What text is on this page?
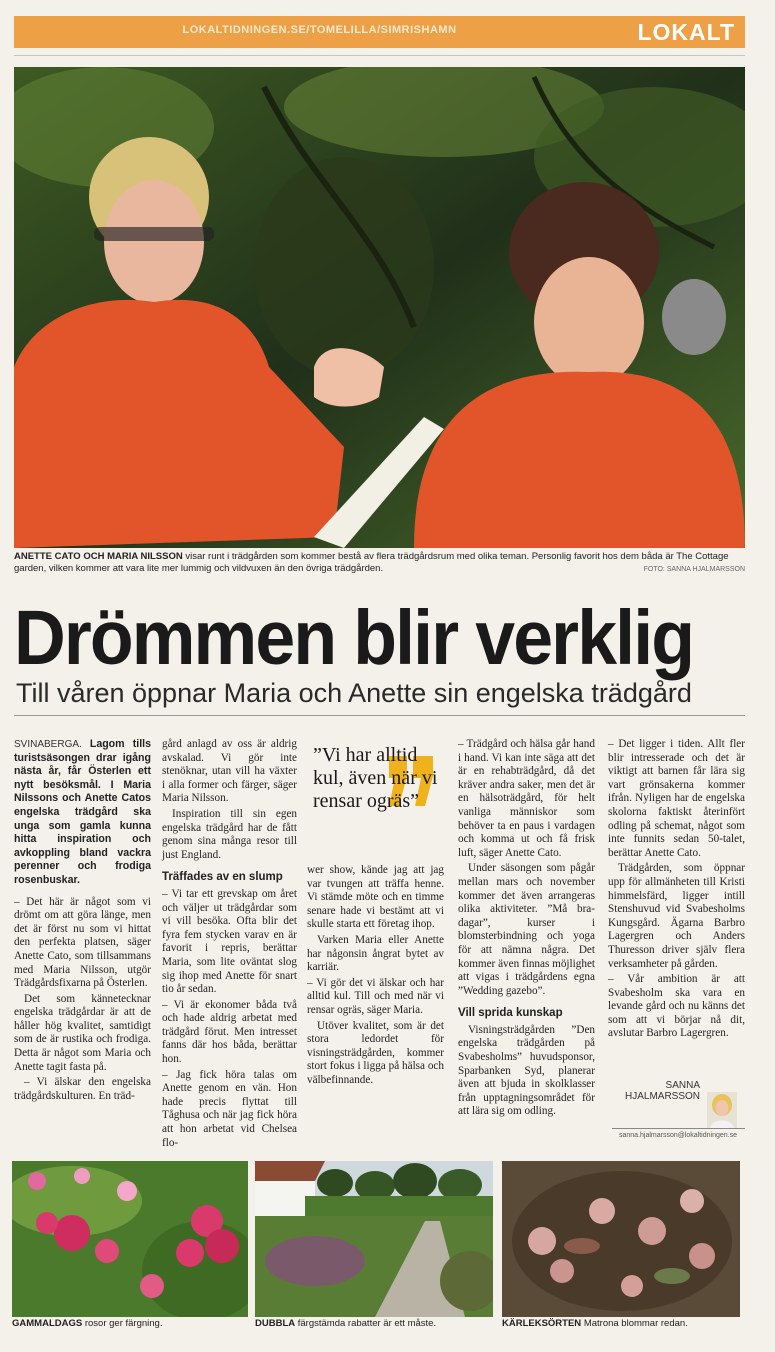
LOKALTIDNINGEN.SE/TOMELILLA/SIMRISHAMN	LOKALT
ANETTE CATO OCH MARIA NILSSON visar runt i trädgården som kommer bestå av flera trädgårdsrum med olika teman. Personlig favorit hos dem båda är The Cottage garden, vilken kommer att vara lite mer lummig och vildvuxen än den övriga trädgården.	FOTO: SANNA HJALMARSSON
Drömmen blir verklig
Till våren öppnar Maria och Anette sin engelska trädgård

SVINABERGA. Lagom tills turistsäsongen drar igång nästa år, får Österlen ett nytt besöksmål. I Maria Nilssons och Anette Catos engelska trädgård ska unga som gamla kunna hitta inspiration och avkoppling bland vackra perenner och frodiga rosenbuskar.

– Det här är något som vi drömt om att göra länge, men det är först nu som vi hittat den perfekta platsen, säger Anette Cato, som tillsammans med Maria Nilsson, utgör Trädgårdsfixarna på Österlen.

Det som kännetecknar engelska trädgårdar är att de håller hög kvalitet, samtidigt som de är rustika och frodiga. Detta är något som Maria och Anette tagit fasta på.

– Vi älskar den engelska trädgårdskulturen. En träd-

gård anlagd av oss är aldrig avskalad. Vi gör inte stenöknar, utan vill ha växter i alla former och färger, säger Maria Nilsson.

Inspiration till sin egen engelska trädgård har de fått genom sina många resor till just England.

Träffades av en slump

– Vi tar ett grevskap om året och väljer ut trädgårdar som vi vill besöka. Ofta blir det fyra fem stycken varav en är favorit i repris, berättar Maria, som lite oväntat slog sig ihop med Anette för snart tio år sedan.

– Vi är ekonomer båda två och hade aldrig arbetat med trädgård förut. Men intresset fanns där hos båda, berättar hon.

– Jag fick höra talas om Anette genom en vän. Hon hade precis flyttat till Tåghusa och när jag fick höra att hon arbetat vid Chelsea flo-

”Vi har alltid kul, även när vi rensar ogräs”

wer show, kände jag att jag var tvungen att träffa henne. Vi stämde möte och en timme senare hade vi bestämt att vi skulle starta ett företag ihop.

Varken Maria eller Anette har någonsin ångrat bytet av karriär.

– Vi gör det vi älskar och har alltid kul. Till och med när vi rensar ogräs, säger Maria.

Utöver kvalitet, som är det stora ledordet för visningsträdgården, kommer stort fokus i ligga på hälsa och välbefinnande.

– Trädgård och hälsa går hand i hand. Vi kan inte säga att det är en rehabträdgård, då det kräver andra saker, men det är en hälsoträdgård, för helt vanliga människor som behöver ta en paus i vardagen och komma ut och få frisk luft, säger Anette Cato.

Under säsongen som pågår mellan mars och november kommer det även arrangeras olika aktiviteter. ”Må bra-dagar”, kurser i blomsterbindning och yoga för att nämna några. Det kommer även finnas möjlighet att vigas i trädgårdens egna ”Wedding gazebo”.

Vill sprida kunskap

Visningsträdgården ”Den engelska trädgården på Svabesholms” huvudsponsor, Sparbanken Syd, planerar även att bjuda in skolklasser från upptagningsområdet för att lära sig om odling.

– Det ligger i tiden. Allt fler blir intresserade och det är viktigt att barnen får lära sig vart grönsakerna kommer ifrån. Nyligen har de engelska skolorna faktiskt återinfört odling på schemat, något som inte funnits sedan 50-talet, berättar Anette Cato.

Trädgården, som öppnar upp för allmänheten till Kristi himmelsfärd, ligger intill Stenshuvud vid Svabesholms Kungsgård. Ägarna Barbro Lagergren och Anders Thuresson driver själv flera verksamheter på gården.

– Vår ambition är att Svabesholm ska vara en levande gård och nu känns det som att vi börjar nå dit, avslutar Barbro Lagergren.

SANNA
HJALMARSSON
sanna.hjalmarsson@lokaltidningen.se
GAMMALDAGS rosor ger färgning.	DUBBLA färgstämda rabatter är ett måste.	KÄRLEKSÖRTEN Matrona blommar redan.
